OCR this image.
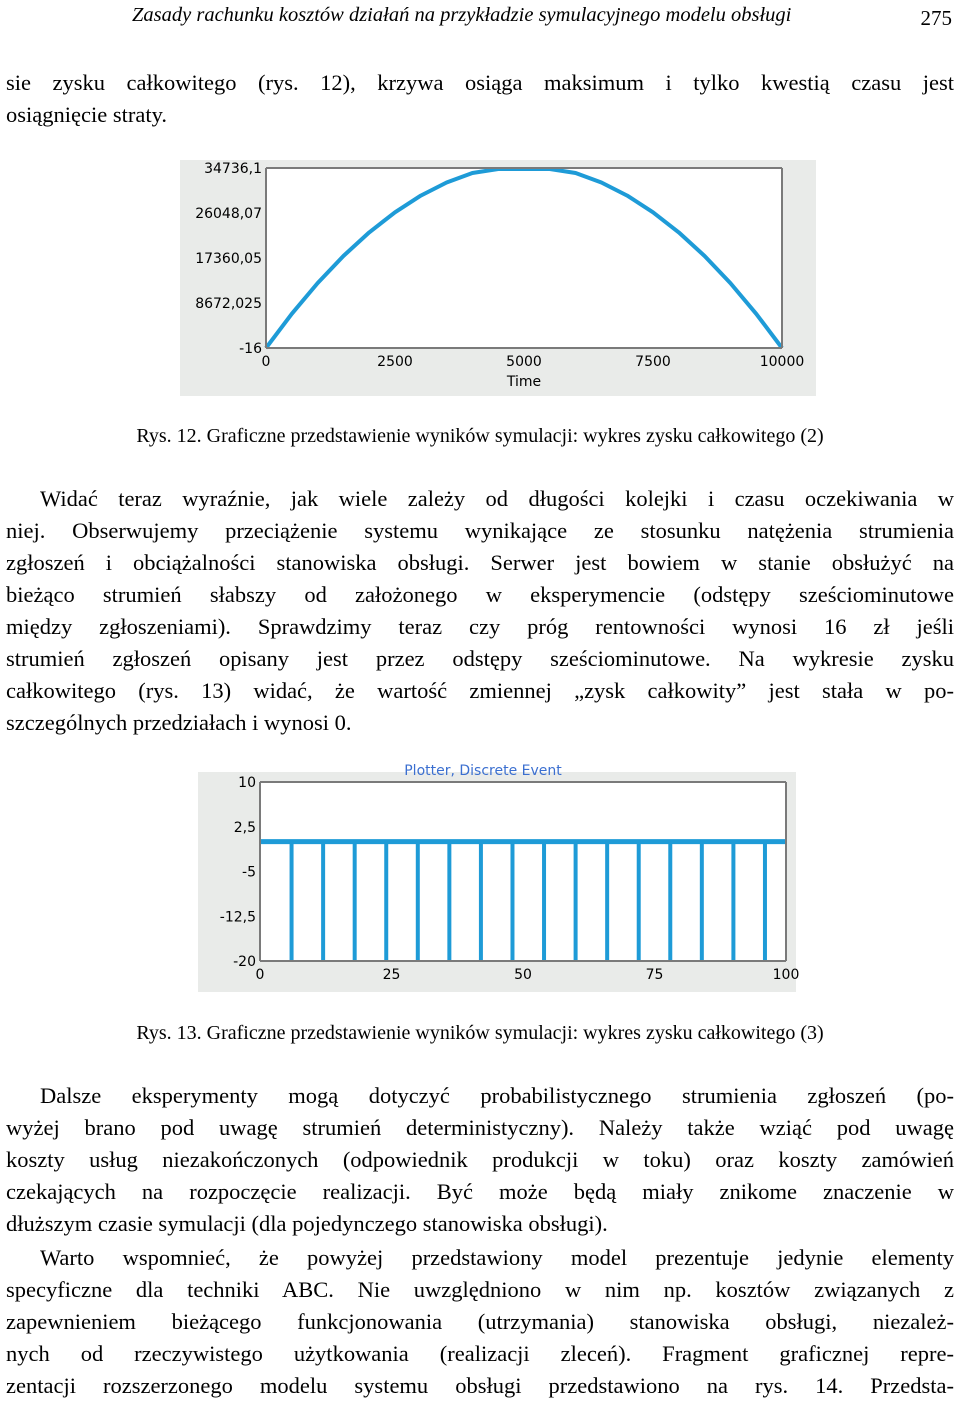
Zasady rachunku kosztów działań na przykładzie symulacyjnego modelu obsługi	275
sie zysku całkowitego (rys. 12), krzywa osiąga maksimum i tylko kwestią czasu jest
osiągnięcie straty.
34736,1
26048,07
17360,05
8672,025
-16
0	2500	5000	7500	10000
Time
Rys. 12. Graficzne przedstawienie wyników symulacji: wykres zysku całkowitego (2)
Widać teraz wyraźnie, jak wiele zależy od długości kolejki i czasu oczekiwania w
niej. Obserwujemy przeciążenie systemu wynikające ze stosunku natężenia strumienia
zgłoszeń i obciążalności stanowiska obsługi. Serwer jest bowiem w stanie obsłużyć na
bieżąco strumień słabszy od założonego w eksperymencie (odstępy sześciominutowe
między zgłoszeniami). Sprawdzimy teraz czy próg rentowności wynosi 16 zł jeśli
strumień zgłoszeń opisany jest przez odstępy sześciominutowe. Na wykresie zysku
całkowitego (rys. 13) widać, że wartość zmiennej „zysk całkowity” jest stała w po-
szczególnych przedziałach i wynosi 0.
Plotter, Discrete Event
10
2,5
-5
-12,5
-20
0	25	50	75	100
Rys. 13. Graficzne przedstawienie wyników symulacji: wykres zysku całkowitego (3)
Dalsze eksperymenty mogą dotyczyć probabilistycznego strumienia zgłoszeń (po-
wyżej brano pod uwagę strumień deterministyczny). Należy także wziąć pod uwagę
koszty usług niezakończonych (odpowiednik produkcji w toku) oraz koszty zamówień
czekających na rozpoczęcie realizacji. Być może będą miały znikome znaczenie w
dłuższym czasie symulacji (dla pojedynczego stanowiska obsługi).
Warto wspomnieć, że powyżej przedstawiony model prezentuje jedynie elementy
specyficzne dla techniki ABC. Nie uwzględniono w nim np. kosztów związanych z
zapewnieniem bieżącego funkcjonowania (utrzymania) stanowiska obsługi, niezależ-
nych od rzeczywistego użytkowania (realizacji zleceń). Fragment graficznej repre-
zentacji rozszerzonego modelu systemu obsługi przedstawiono na rys. 14. Przedsta-
